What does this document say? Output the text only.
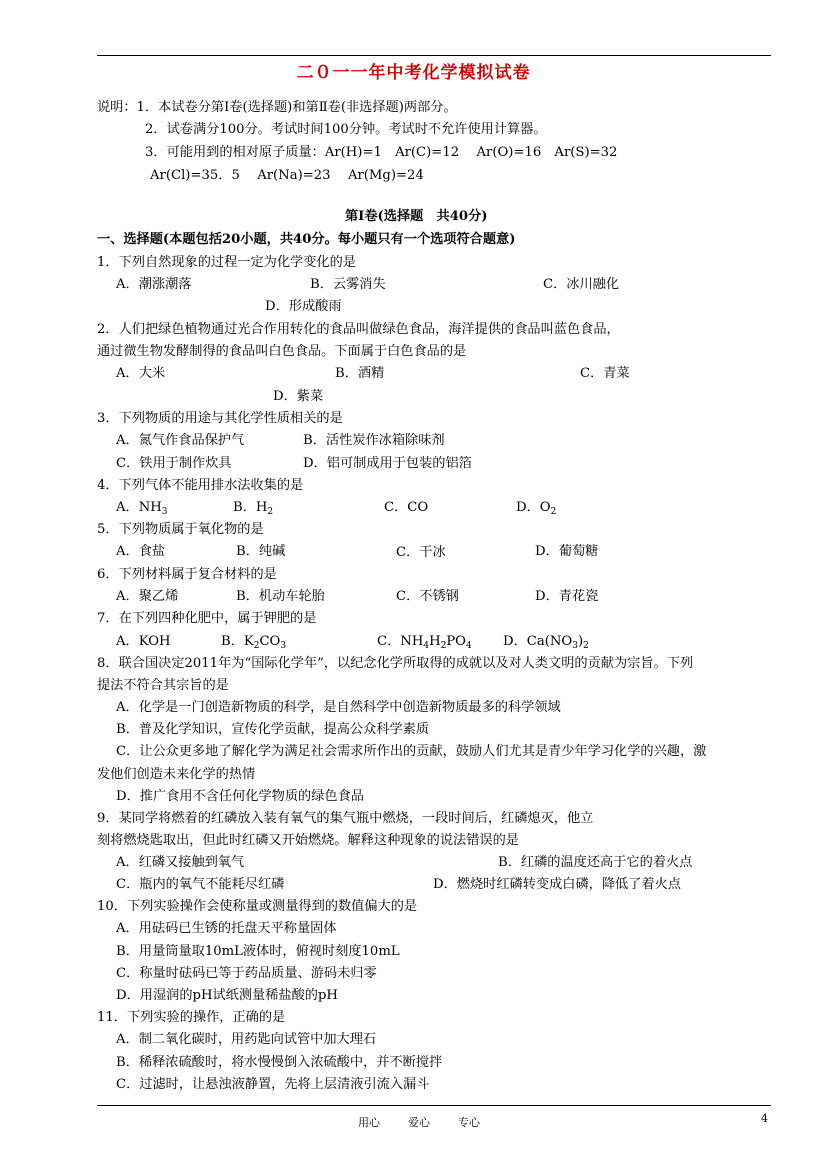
二０一一年中考化学模拟试卷
说明：1．本试卷分第Ⅰ卷(选择题)和第Ⅱ卷(非选择题)两部分。
2．试卷满分100分。考试时间100分钟。考试时不允许使用计算器。
3．可能用到的相对原子质量：Ar(H)=1　Ar(C)=12　 Ar(O)=16　Ar(S)=32
Ar(Cl)=35．5　 Ar(Na)=23　 Ar(Mg)=24
第Ⅰ卷(选择题　共40分)
一、选择题(本题包括20小题，共40分。每小题只有一个选项符合题意)
1．下列自然现象的过程一定为化学变化的是
A．潮涨潮落	B．云雾消失	C．冰川融化
D．形成酸雨
2．人们把绿色植物通过光合作用转化的食品叫做绿色食品，海洋提供的食品叫蓝色食品，
通过微生物发酵制得的食品叫白色食品。下面属于白色食品的是
A．大米	B．酒精	C．青菜
D．紫菜
3．下列物质的用途与其化学性质相关的是
A．氮气作食品保护气	B．活性炭作冰箱除味剂
C．铁用于制作炊具	D．铝可制成用于包装的铝箔
4．下列气体不能用排水法收集的是
A．$NH_3$	B．$H_2$	C．CO	D．$O_2$
5．下列物质属于氧化物的是
A．食盐	B．纯碱	C．干冰	D．葡萄糖
6．下列材料属于复合材料的是
A．聚乙烯	B．机动车轮胎	C．不锈钢	D．青花瓷
7．在下列四种化肥中，属于钾肥的是
A．KOH	B．$K_2CO_3$	C．$NH_4H_2PO_4$ D．$Ca(NO_3)_2$
8．联合国决定2011年为“国际化学年”，以纪念化学所取得的成就以及对人类文明的贡献为宗旨。下列
提法不符合其宗旨的是
A．化学是一门创造新物质的科学，是自然科学中创造新物质最多的科学领域
B．普及化学知识，宣传化学贡献，提高公众科学素质
C．让公众更多地了解化学为满足社会需求所作出的贡献，鼓励人们尤其是青少年学习化学的兴趣，激
发他们创造未来化学的热情
D．推广食用不含任何化学物质的绿色食品
9．某同学将燃着的红磷放入装有氧气的集气瓶中燃烧，一段时间后，红磷熄灭，他立
刻将燃烧匙取出，但此时红磷又开始燃烧。解释这种现象的说法错误的是
A．红磷又接触到氧气	B．红磷的温度还高于它的着火点
C．瓶内的氧气不能耗尽红磷	D．燃烧时红磷转变成白磷，降低了着火点
10．下列实验操作会使称量或测量得到的数值偏大的是
A．用砝码已生锈的托盘天平称量固体
B．用量筒量取10mL液体时，俯视时刻度10mL
C．称量时砝码已等于药品质量、游码未归零
D．用湿润的pH试纸测量稀盐酸的pH
11．下列实验的操作，正确的是
A．制二氧化碳时，用药匙向试管中加大理石
B．稀释浓硫酸时，将水慢慢倒入浓硫酸中，并不断搅拌
C．过滤时，让悬浊液静置，先将上层清液引流入漏斗
用心	爱心	专心	4
